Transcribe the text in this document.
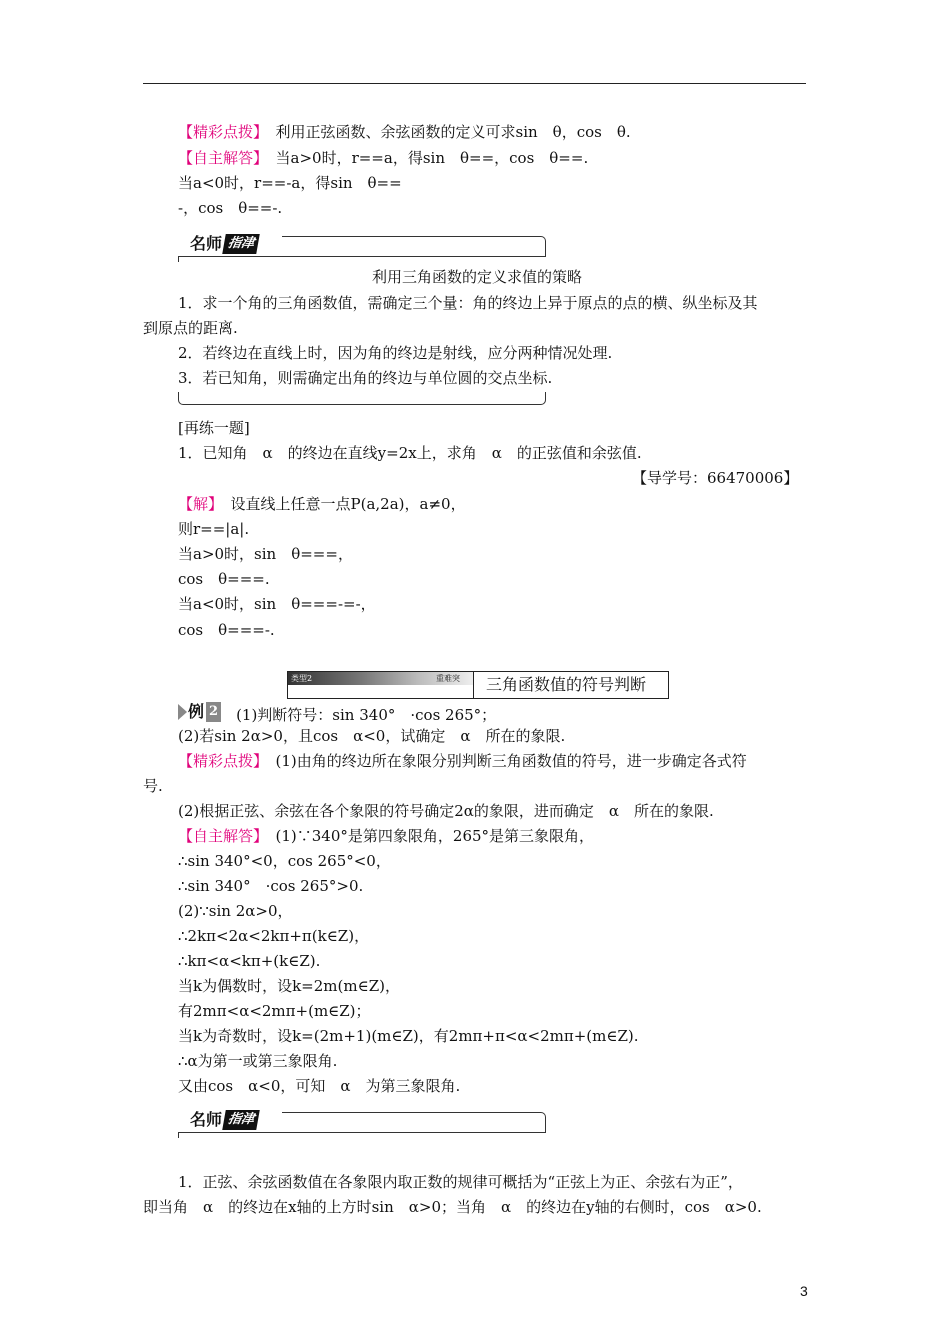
【精彩点拨】　利用正弦函数、余弦函数的定义可求sin　θ，cos　θ.
【自主解答】　当a>0时，r==a，得sin　θ==，cos　θ==.
当a<0时，r==-a，得sin　θ==
-，cos　θ==-.
名师 指津
利用三角函数的定义求值的策略
1．求一个角的三角函数值，需确定三个量：角的终边上异于原点的点的横、纵坐标及其
到原点的距离.
2．若终边在直线上时，因为角的终边是射线，应分两种情况处理.
3．若已知角，则需确定出角的终边与单位圆的交点坐标.
[再练一题]
1．已知角　α　的终边在直线y=2x上，求角　α　的正弦值和余弦值.
【导学号：66470006】
【解】　设直线上任意一点P(a,2a)，a≠0，
则r==|a|.
当a>0时，sin　θ===，
cos　θ===.
当a<0时，sin　θ===-=-，
cos　θ===-.
类型2	重难突 三角函数值的符号判断
例 2 　(1)判断符号：sin 340°　·cos 265°；
(2)若sin 2α>0，且cos　α<0，试确定　α　所在的象限.
【精彩点拨】　(1)由角的终边所在象限分别判断三角函数值的符号，进一步确定各式符
号.
(2)根据正弦、余弦在各个象限的符号确定2α的象限，进而确定　α　所在的象限.
【自主解答】　(1)∵340°是第四象限角，265°是第三象限角，
∴sin 340°<0，cos 265°<0，
∴sin 340°　·cos 265°>0.
(2)∵sin 2α>0，
∴2kπ<2α<2kπ+π(k∈Z)，
∴kπ<α<kπ+(k∈Z).
当k为偶数时，设k=2m(m∈Z)，
有2mπ<α<2mπ+(m∈Z)；
当k为奇数时，设k=(2m+1)(m∈Z)，有2mπ+π<α<2mπ+(m∈Z).
∴α为第一或第三象限角.
又由cos　α<0，可知　α　为第三象限角.
名师 指津
1．正弦、余弦函数值在各象限内取正数的规律可概括为“正弦上为正、余弦右为正”，
即当角　α　的终边在x轴的上方时sin　α>0；当角　α　的终边在y轴的右侧时，cos　α>0.
3
